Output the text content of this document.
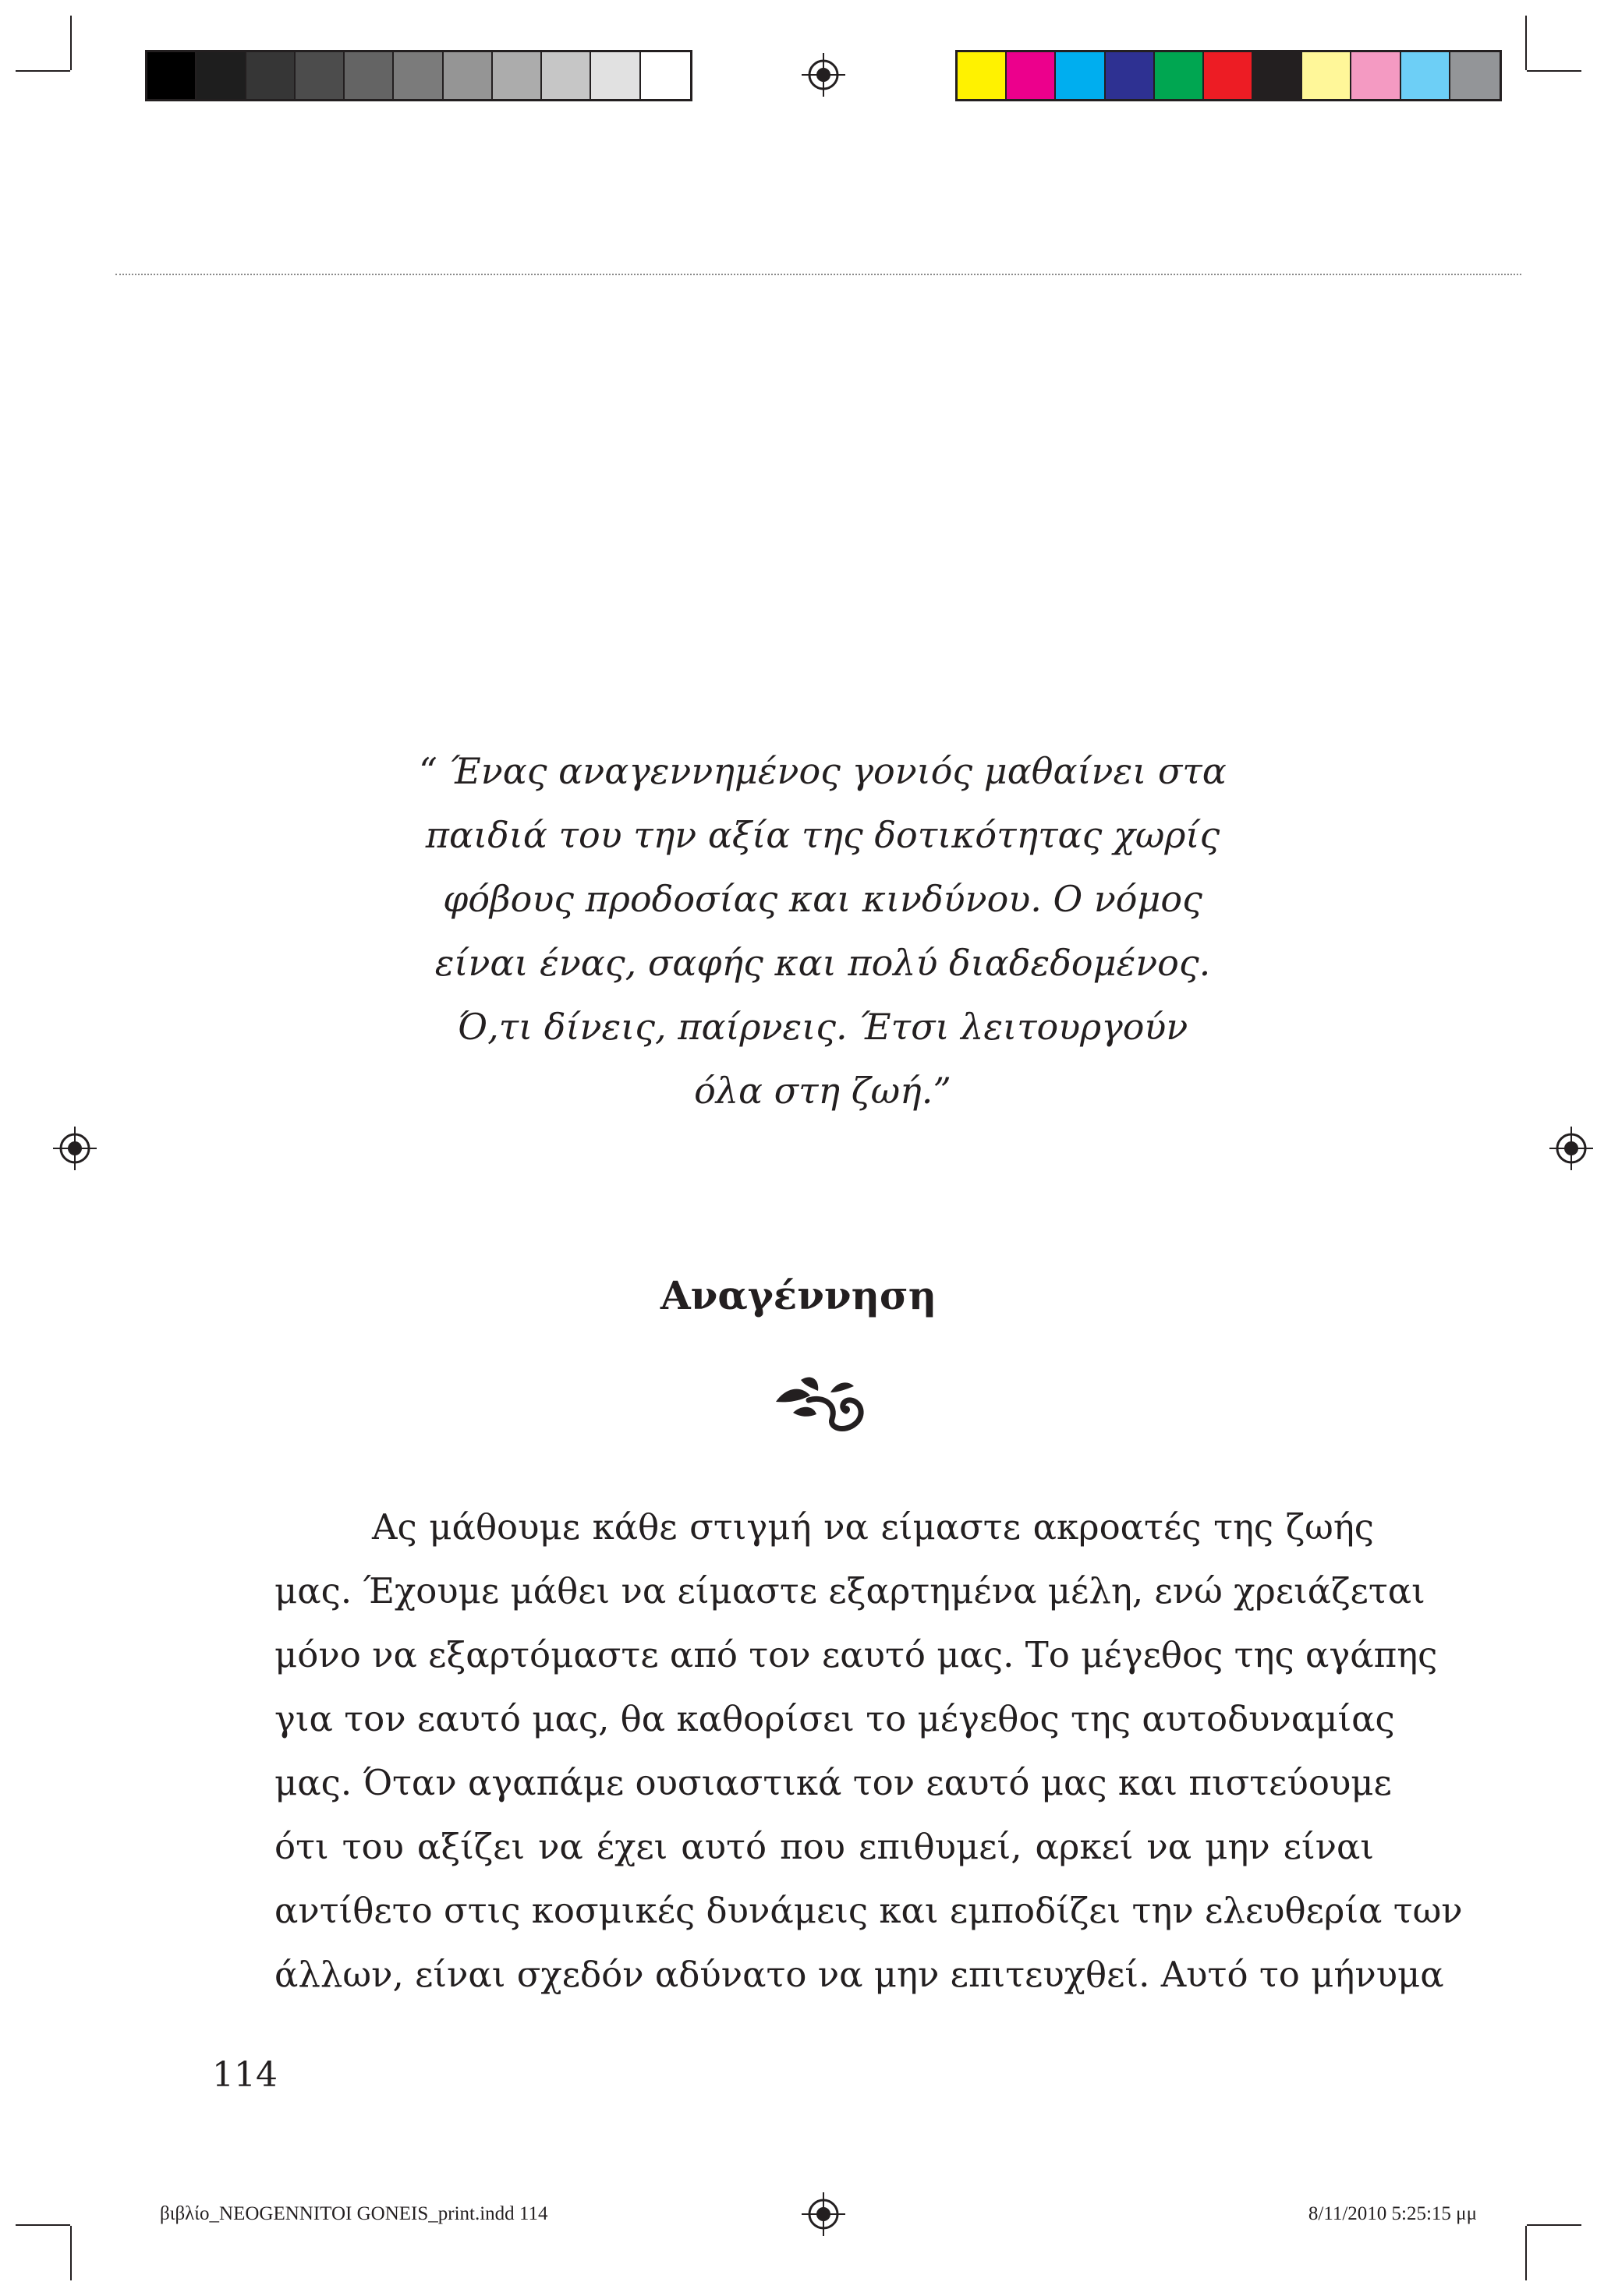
“ Ένας αναγεννημένος γονιός μαθαίνει στα
παιδιά του την αξία της δοτικότητας χωρίς
φόβους προδοσίας και κινδύνου. Ο νόμος
είναι ένας, σαφής και πολύ διαδεδομένος.
Ό,τι δίνεις, παίρνεις. Έτσι λειτουργούν
όλα στη ζωή.”
Αναγέννηση
Ας μάθουμε κάθε στιγμή να είμαστε ακροατές της ζωής
μας. Έχουμε μάθει να είμαστε εξαρτημένα μέλη, ενώ χρειάζεται
μόνο να εξαρτόμαστε από τον εαυτό μας. Το μέγεθος της αγάπης
για τον εαυτό μας, θα καθορίσει το μέγεθος της αυτοδυναμίας
μας. Όταν αγαπάμε ουσιαστικά τον εαυτό μας και πιστεύουμε
ότι του αξίζει να έχει αυτό που επιθυμεί, αρκεί να μην είναι
αντίθετο στις κοσμικές δυνάμεις και εμποδίζει την ελευθερία των
άλλων, είναι σχεδόν αδύνατο να μην επιτευχθεί. Αυτό το μήνυμα
114
βιβλίο_NEOGENNITOI GONEIS_print.indd 114	8/11/2010 5:25:15 μμ
